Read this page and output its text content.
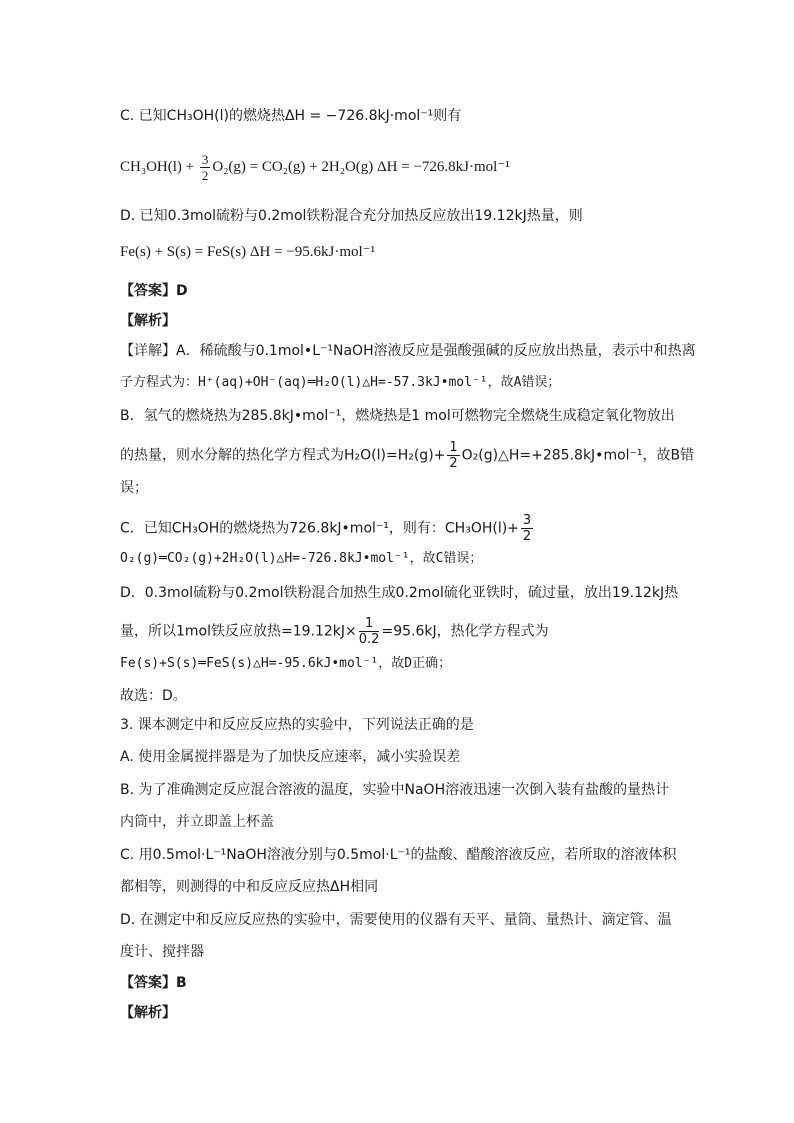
C. 已知CH₃OH(l)的燃烧热ΔH = −726.8kJ·mol⁻¹则有
$CH_3OH(l) + \frac{3}{2} O_2(g) = CO_2(g) + 2H_2O(g) \Delta H = -726.8kJ\cdot mol^{-1}$
D. 已知0.3mol硫粉与0.2mol铁粉混合充分加热反应放出19.12kJ热量，则
Fe(s) + S(s) = FeS(s) ΔH = −95.6kJ·mol⁻¹
【答案】D
【解析】
【详解】A．稀硫酸与0.1mol•L⁻¹NaOH溶液反应是强酸强碱的反应放出热量，表示中和热离
子方程式为：H⁺(aq)+OH⁻(aq)═H₂O(l)△H=-57.3kJ•mol⁻¹，故A错误；
B．氢气的燃烧热为285.8kJ•mol⁻¹，燃烧热是1 mol可燃物完全燃烧生成稳定氧化物放出
的热量，则水分解的热化学方程式为$H_2O(l)=H_2(g)+ \frac{1}{2}$ O₂(g)△H=+285.8kJ•mol⁻¹，故B错
误；
C．已知CH₃OH的燃烧热为726.8kJ•mol⁻¹，则有：$CH_3OH(l)+ \frac{3}{2}$
O₂(g)═CO₂(g)+2H₂O(l)△H=-726.8kJ•mol⁻¹，故C错误；
D．0.3mol硫粉与0.2mol铁粉混合加热生成0.2mol硫化亚铁时，硫过量，放出19.12kJ热
量，所以1mol铁反应放热$=19.12kJ\times \frac{1}{0.2} =95.6kJ$，热化学方程式为
Fe(s)+S(s)═FeS(s)△H=-95.6kJ•mol⁻¹，故D正确；
故选：D。
3. 课本测定中和反应反应热的实验中，下列说法正确的是
A. 使用金属搅拌器是为了加快反应速率，减小实验误差
B. 为了准确测定反应混合溶液的温度，实验中NaOH溶液迅速一次倒入装有盐酸的量热计
内筒中，并立即盖上杯盖
C. 用0.5mol·L⁻¹NaOH溶液分别与0.5mol·L⁻¹的盐酸、醋酸溶液反应，若所取的溶液体积
都相等，则测得的中和反应反应热ΔH相同
D. 在测定中和反应反应热的实验中，需要使用的仪器有天平、量筒、量热计、滴定管、温
度计、搅拌器
【答案】B
【解析】
